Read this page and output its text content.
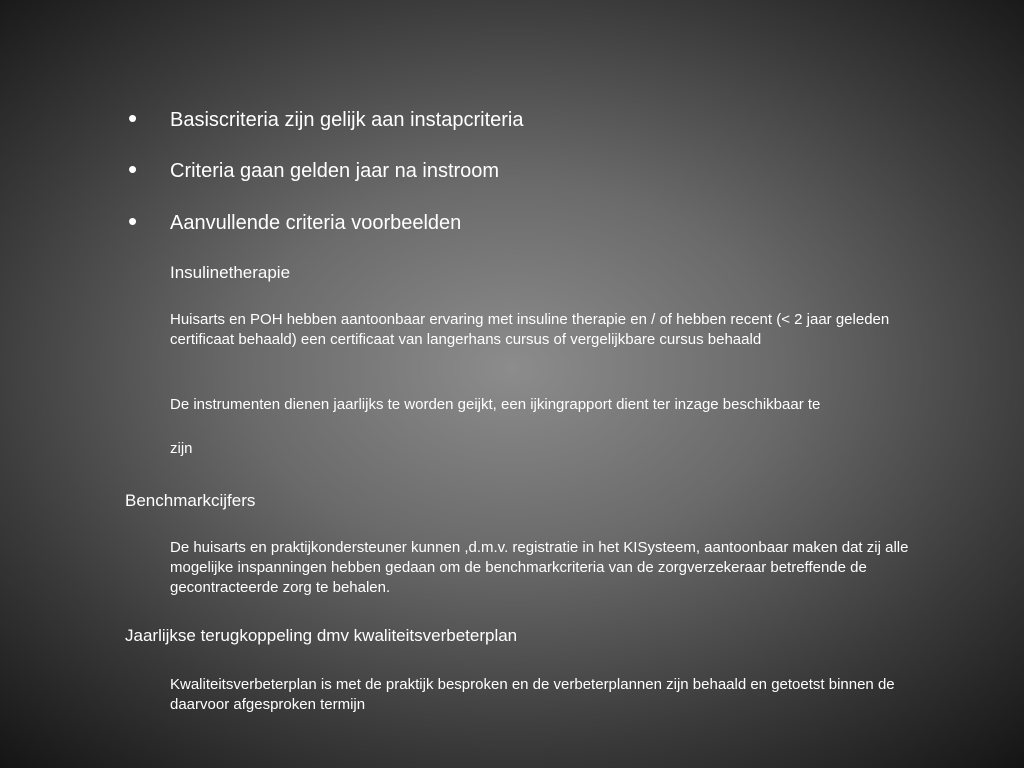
• Basiscriteria zijn gelijk aan instapcriteria
• Criteria gaan gelden jaar na instroom
• Aanvullende criteria voorbeelden
Insulinetherapie
Huisarts en POH hebben aantoonbaar ervaring met insuline therapie en / of hebben recent (< 2 jaar geleden certificaat behaald) een certificaat van langerhans cursus of vergelijkbare cursus behaald
De instrumenten dienen jaarlijks te worden geijkt, een ijkingrapport dient ter inzage beschikbaar te
zijn
Benchmarkcijfers
De huisarts en praktijkondersteuner kunnen ,d.m.v. registratie in het KISysteem, aantoonbaar maken dat zij alle mogelijke inspanningen hebben gedaan om de benchmarkcriteria van de zorgverzekeraar betreffende de gecontracteerde zorg te behalen.
Jaarlijkse terugkoppeling dmv kwaliteitsverbeterplan
Kwaliteitsverbeterplan is met de praktijk besproken en de verbeterplannen zijn behaald en getoetst binnen de daarvoor afgesproken termijn
